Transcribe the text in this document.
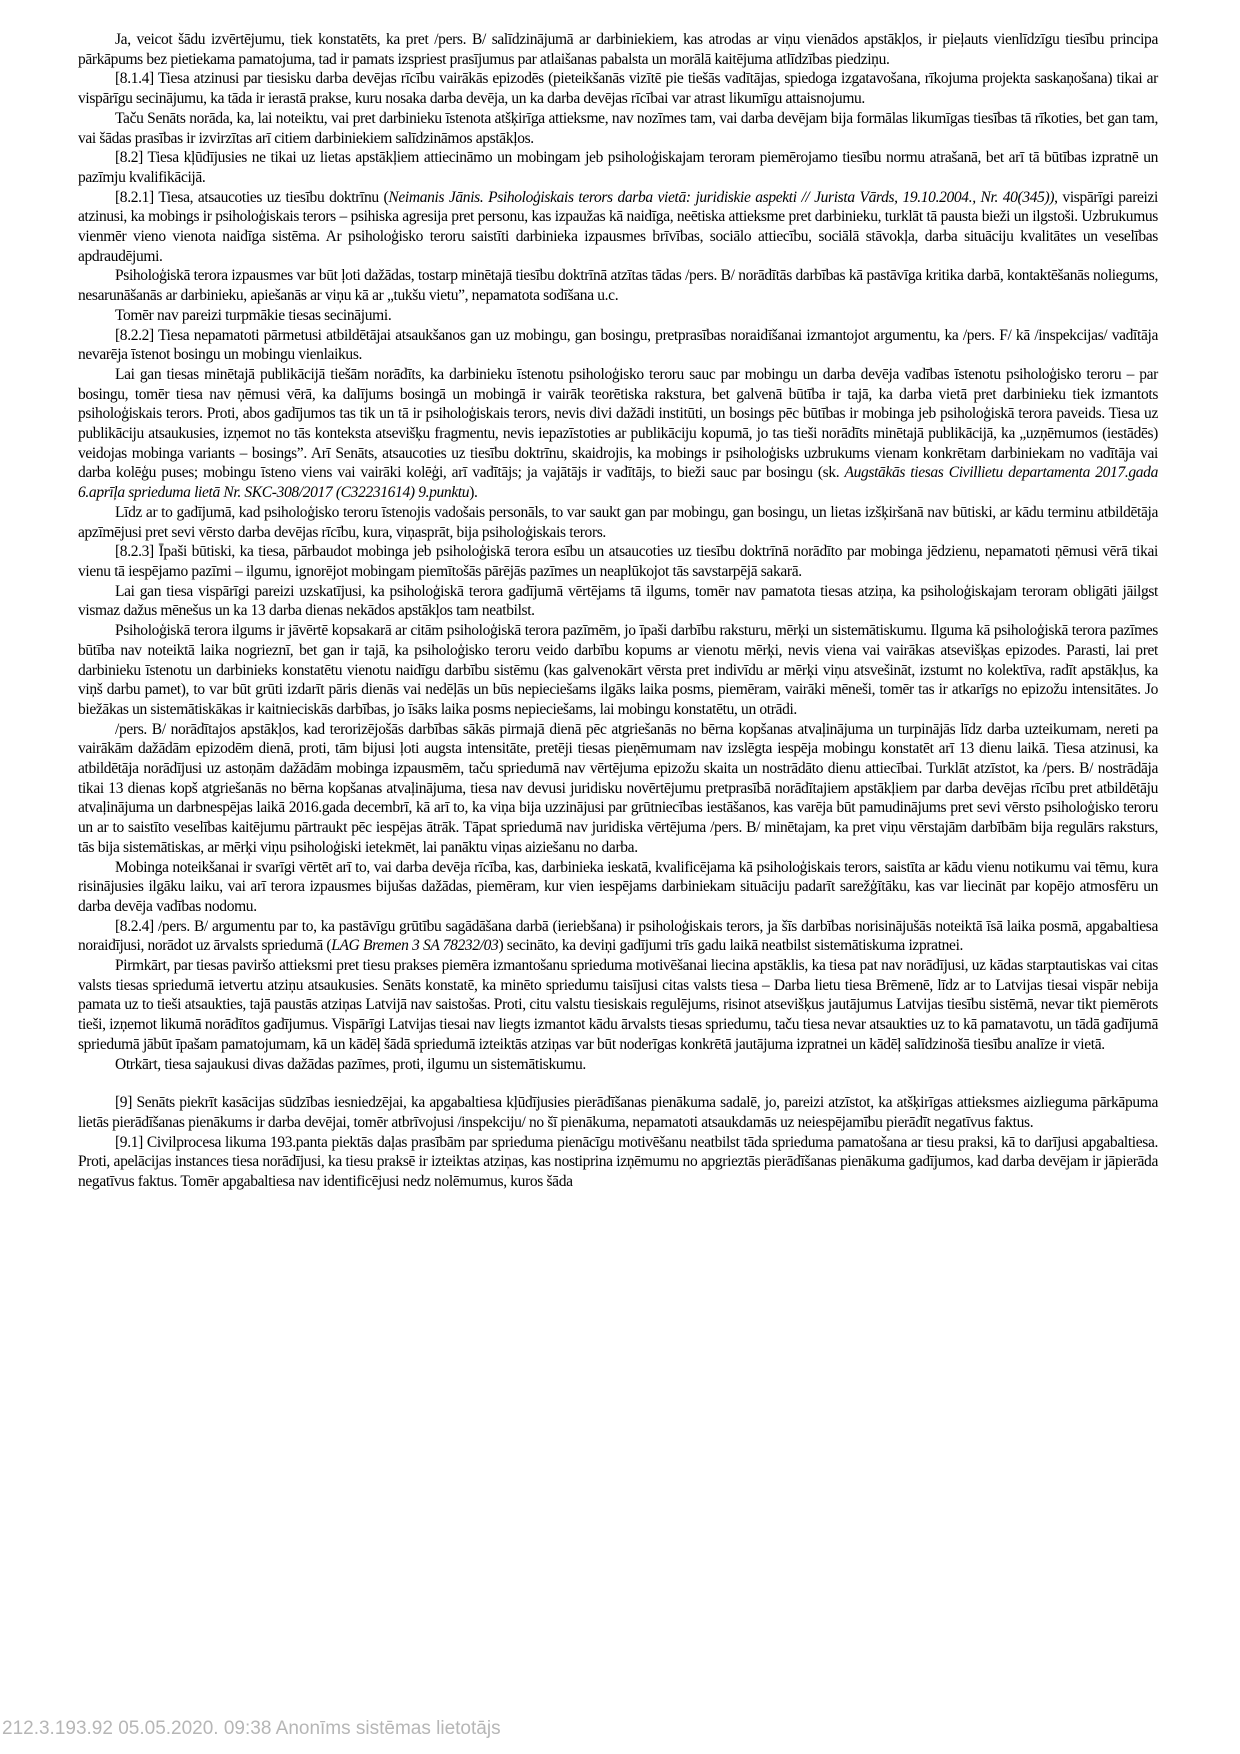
Ja, veicot šādu izvērtējumu, tiek konstatēts, ka pret /pers. B/ salīdzinājumā ar darbiniekiem, kas atrodas ar viņu vienādos apstākļos, ir pieļauts vienlīdzīgu tiesību principa pārkāpums bez pietiekama pamatojuma, tad ir pamats izspriest prasījumus par atlaišanas pabalsta un morālā kaitējuma atlīdzības piedziņu.

[8.1.4] Tiesa atzinusi par tiesisku darba devējas rīcību vairākās epizodēs (pieteikšanās vizītē pie tiešās vadītājas, spiedoga izgatavošana, rīkojuma projekta saskaņošana) tikai ar vispārīgu secinājumu, ka tāda ir ierastā prakse, kuru nosaka darba devēja, un ka darba devējas rīcībai var atrast likumīgu attaisnojumu.

Taču Senāts norāda, ka, lai noteiktu, vai pret darbinieku īstenota atšķirīga attieksme, nav nozīmes tam, vai darba devējam bija formālas likumīgas tiesības tā rīkoties, bet gan tam, vai šādas prasības ir izvirzītas arī citiem darbiniekiem salīdzināmos apstākļos.

[8.2] Tiesa kļūdījusies ne tikai uz lietas apstākļiem attiecināmo un mobingam jeb psiholoģiskajam teroram piemērojamo tiesību normu atrašanā, bet arī tā būtības izpratnē un pazīmju kvalifikācijā.

[8.2.1] Tiesa, atsaucoties uz tiesību doktrīnu (Neimanis Jānis. Psiholoģiskais terors darba vietā: juridiskie aspekti // Jurista Vārds, 19.10.2004., Nr. 40(345)), vispārīgi pareizi atzinusi, ka mobings ir psiholoģiskais terors – psihiska agresija pret personu, kas izpaužas kā naidīga, neētiska attieksme pret darbinieku, turklāt tā pausta bieži un ilgstoši. Uzbrukumus vienmēr vieno vienota naidīga sistēma. Ar psiholoģisko teroru saistīti darbinieka izpausmes brīvības, sociālo attiecību, sociālā stāvokļa, darba situāciju kvalitātes un veselības apdraudējumi.

Psiholoģiskā terora izpausmes var būt ļoti dažādas, tostarp minētajā tiesību doktrīnā atzītas tādas /pers. B/ norādītās darbības kā pastāvīga kritika darbā, kontaktēšanās noliegums, nesarunāšanās ar darbinieku, apiešanās ar viņu kā ar „tukšu vietu”, nepamatota sodīšana u.c.

Tomēr nav pareizi turpmākie tiesas secinājumi.

[8.2.2] Tiesa nepamatoti pārmetusi atbildētājai atsaukšanos gan uz mobingu, gan bosingu, pretprasības noraidīšanai izmantojot argumentu, ka /pers. F/ kā /inspekcijas/ vadītāja nevarēja īstenot bosingu un mobingu vienlaikus.

Lai gan tiesas minētajā publikācijā tiešām norādīts, ka darbinieku īstenotu psiholoģisko teroru sauc par mobingu un darba devēja vadības īstenotu psiholoģisko teroru – par bosingu, tomēr tiesa nav ņēmusi vērā, ka dalījums bosingā un mobingā ir vairāk teorētiska rakstura, bet galvenā būtība ir tajā, ka darba vietā pret darbinieku tiek izmantots psiholoģiskais terors. Proti, abos gadījumos tas tik un tā ir psiholoģiskais terors, nevis divi dažādi institūti, un bosings pēc būtības ir mobinga jeb psiholoģiskā terora paveids. Tiesa uz publikāciju atsaukusies, izņemot no tās konteksta atsevišķu fragmentu, nevis iepazīstoties ar publikāciju kopumā, jo tas tieši norādīts minētajā publikācijā, ka „uzņēmumos (iestādēs) veidojas mobinga variants – bosings”. Arī Senāts, atsaucoties uz tiesību doktrīnu, skaidrojis, ka mobings ir psiholoģisks uzbrukums vienam konkrētam darbiniekam no vadītāja vai darba kolēģu puses; mobingu īsteno viens vai vairāki kolēģi, arī vadītājs; ja vajātājs ir vadītājs, to bieži sauc par bosingu (sk. Augstākās tiesas Civillietu departamenta 2017.gada 6.aprīļa sprieduma lietā Nr. SKC-308/2017 (C32231614) 9.punktu).

Līdz ar to gadījumā, kad psiholoģisko teroru īstenojis vadošais personāls, to var saukt gan par mobingu, gan bosingu, un lietas izšķiršanā nav būtiski, ar kādu terminu atbildētāja apzīmējusi pret sevi vērsto darba devējas rīcību, kura, viņasprāt, bija psiholoģiskais terors.

[8.2.3] Īpaši būtiski, ka tiesa, pārbaudot mobinga jeb psiholoģiskā terora esību un atsaucoties uz tiesību doktrīnā norādīto par mobinga jēdzienu, nepamatoti ņēmusi vērā tikai vienu tā iespējamo pazīmi – ilgumu, ignorējot mobingam piemītošās pārējās pazīmes un neaplūkojot tās savstarpējā sakarā.

Lai gan tiesa vispārīgi pareizi uzskatījusi, ka psiholoģiskā terora gadījumā vērtējams tā ilgums, tomēr nav pamatota tiesas atziņa, ka psiholoģiskajam teroram obligāti jāilgst vismaz dažus mēnešus un ka 13 darba dienas nekādos apstākļos tam neatbilst.

Psiholoģiskā terora ilgums ir jāvērtē kopsakarā ar citām psiholoģiskā terora pazīmēm, jo īpaši darbību raksturu, mērķi un sistemātiskumu. Ilguma kā psiholoģiskā terora pazīmes būtība nav noteiktā laika nogrieznī, bet gan ir tajā, ka psiholoģisko teroru veido darbību kopums ar vienotu mērķi, nevis viena vai vairākas atsevišķas epizodes. Parasti, lai pret darbinieku īstenotu un darbinieks konstatētu vienotu naidīgu darbību sistēmu (kas galvenokārt vērsta pret indivīdu ar mērķi viņu atsvešināt, izstumt no kolektīva, radīt apstākļus, ka viņš darbu pamet), to var būt grūti izdarīt pāris dienās vai nedēļās un būs nepieciešams ilgāks laika posms, piemēram, vairāki mēneši, tomēr tas ir atkarīgs no epizožu intensitātes. Jo biežākas un sistemātiskākas ir kaitnieciskās darbības, jo īsāks laika posms nepieciešams, lai mobingu konstatētu, un otrādi.

/pers. B/ norādītajos apstākļos, kad terorizējošās darbības sākās pirmajā dienā pēc atgriešanās no bērna kopšanas atvaļinājuma un turpinājās līdz darba uzteikumam, nereti pa vairākām dažādām epizodēm dienā, proti, tām bijusi ļoti augsta intensitāte, pretēji tiesas pieņēmumam nav izslēgta iespēja mobingu konstatēt arī 13 dienu laikā. Tiesa atzinusi, ka atbildētāja norādījusi uz astoņām dažādām mobinga izpausmēm, taču spriedumā nav vērtējuma epizožu skaita un nostrādāto dienu attiecībai. Turklāt atzīstot, ka /pers. B/ nostrādāja tikai 13 dienas kopš atgriešanās no bērna kopšanas atvaļinājuma, tiesa nav devusi juridisku novērtējumu pretprasībā norādītajiem apstākļiem par darba devējas rīcību pret atbildētāju atvaļinājuma un darbnespējas laikā 2016.gada decembrī, kā arī to, ka viņa bija uzzinājusi par grūtniecības iestāšanos, kas varēja būt pamudinājums pret sevi vērsto psiholoģisko teroru un ar to saistīto veselības kaitējumu pārtraukt pēc iespējas ātrāk. Tāpat spriedumā nav juridiska vērtējuma /pers. B/ minētajam, ka pret viņu vērstajām darbībām bija regulārs raksturs, tās bija sistemātiskas, ar mērķi viņu psiholoģiski ietekmēt, lai panāktu viņas aiziešanu no darba.

Mobinga noteikšanai ir svarīgi vērtēt arī to, vai darba devēja rīcība, kas, darbinieka ieskatā, kvalificējama kā psiholoģiskais terors, saistīta ar kādu vienu notikumu vai tēmu, kura risinājusies ilgāku laiku, vai arī terora izpausmes bijušas dažādas, piemēram, kur vien iespējams darbiniekam situāciju padarīt sarežģītāku, kas var liecināt par kopējo atmosfēru un darba devēja vadības nodomu.

[8.2.4] /pers. B/ argumentu par to, ka pastāvīgu grūtību sagādāšana darbā (ieriebšana) ir psiholoģiskais terors, ja šīs darbības norisinājušās noteiktā īsā laika posmā, apgabaltiesa noraidījusi, norādot uz ārvalsts spriedumā (LAG Bremen 3 SA 78232/03) secināto, ka deviņi gadījumi trīs gadu laikā neatbilst sistemātiskuma izpratnei.

Pirmkārt, par tiesas paviršo attieksmi pret tiesu prakses piemēra izmantošanu sprieduma motivēšanai liecina apstāklis, ka tiesa pat nav norādījusi, uz kādas starptautiskas vai citas valsts tiesas spriedumā ietvertu atziņu atsaukusies. Senāts konstatē, ka minēto spriedumu taisījusi citas valsts tiesa – Darba lietu tiesa Brēmenē, līdz ar to Latvijas tiesai vispār nebija pamata uz to tieši atsaukties, tajā paustās atziņas Latvijā nav saistošas. Proti, citu valstu tiesiskais regulējums, risinot atsevišķus jautājumus Latvijas tiesību sistēmā, nevar tikt piemērots tieši, izņemot likumā norādītos gadījumus. Vispārīgi Latvijas tiesai nav liegts izmantot kādu ārvalsts tiesas spriedumu, taču tiesa nevar atsaukties uz to kā pamatavotu, un tādā gadījumā spriedumā jābūt īpašam pamatojumam, kā un kādēļ šādā spriedumā izteiktās atziņas var būt noderīgas konkrētā jautājuma izpratnei un kādēļ salīdzinošā tiesību analīze ir vietā.

Otrkārt, tiesa sajaukusi divas dažādas pazīmes, proti, ilgumu un sistemātiskumu.

[9] Senāts piekrīt kasācijas sūdzības iesniedzējai, ka apgabaltiesa kļūdījusies pierādīšanas pienākuma sadalē, jo, pareizi atzīstot, ka atšķirīgas attieksmes aizlieguma pārkāpuma lietās pierādīšanas pienākums ir darba devējai, tomēr atbrīvojusi /inspekciju/ no šī pienākuma, nepamatoti atsaukdamās uz neiespējamību pierādīt negatīvus faktus.

[9.1] Civilprocesa likuma 193.panta piektās daļas prasībām par sprieduma pienācīgu motivēšanu neatbilst tāda sprieduma pamatošana ar tiesu praksi, kā to darījusi apgabaltiesa. Proti, apelācijas instances tiesa norādījusi, ka tiesu praksē ir izteiktas atziņas, kas nostiprina izņēmumu no apgrieztās pierādīšanas pienākuma gadījumos, kad darba devējam ir jāpierāda negatīvus faktus. Tomēr apgabaltiesa nav identificējusi nedz nolēmumus, kuros šāda

212.3.193.92 05.05.2020. 09:38 Anonīms sistēmas lietotājs
